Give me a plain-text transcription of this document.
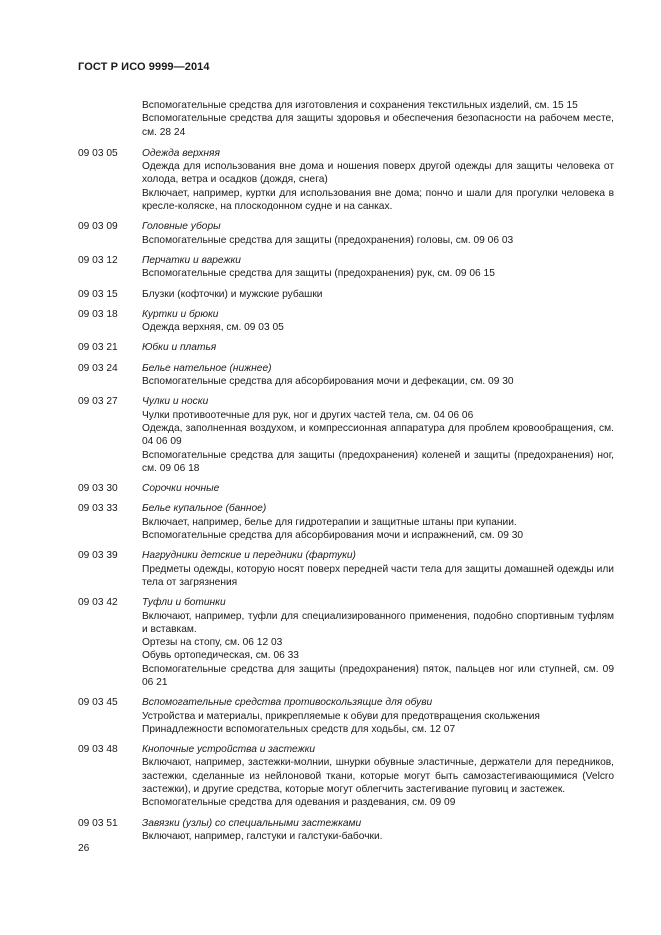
ГОСТ Р ИСО 9999—2014
Вспомогательные средства для изготовления и сохранения текстильных изделий, см. 15 15
Вспомогательные средства для защиты здоровья и обеспечения безопасности на рабочем месте, см. 28 24
09 03 05	Одежда верхняя
Одежда для использования вне дома и ношения поверх другой одежды для защиты человека от холода, ветра и осадков (дождя, снега)
Включает, например, куртки для использования вне дома; пончо и шали для прогулки человека в кресле-коляске, на плоскодонном судне и на санках.
09 03 09	Головные уборы
Вспомогательные средства для защиты (предохранения) головы, см. 09 06 03
09 03 12	Перчатки и варежки
Вспомогательные средства для защиты (предохранения) рук, см. 09 06 15
09 03 15	Блузки (кофточки) и мужские рубашки
09 03 18	Куртки и брюки
Одежда верхняя, см. 09 03 05
09 03 21	Юбки и платья
09 03 24	Белье нательное (нижнее)
Вспомогательные средства для абсорбирования мочи и дефекации, см. 09 30
09 03 27	Чулки и носки
Чулки противоотечные для рук, ног и других частей тела, см. 04 06 06
Одежда, заполненная воздухом, и компрессионная аппаратура для проблем кровообращения, см. 04 06 09
Вспомогательные средства для защиты (предохранения) коленей и защиты (предохранения) ног, см. 09 06 18
09 03 30	Сорочки ночные
09 03 33	Белье купальное (банное)
Включает, например, белье для гидротерапии и защитные штаны при купании.
Вспомогательные средства для абсорбирования мочи и испражнений, см. 09 30
09 03 39	Нагрудники детские и передники (фартуки)
Предметы одежды, которую носят поверх передней части тела для защиты домашней одежды или тела от загрязнения
09 03 42	Туфли и ботинки
Включают, например, туфли для специализированного применения, подобно спортивным туфлям и вставкам.
Ортезы на стопу, см. 06 12 03
Обувь ортопедическая, см. 06 33
Вспомогательные средства для защиты (предохранения) пяток, пальцев ног или ступней, см. 09 06 21
09 03 45	Вспомогательные средства противоскользящие для обуви
Устройства и материалы, прикрепляемые к обуви для предотвращения скольжения
Принадлежности вспомогательных средств для ходьбы, см. 12 07
09 03 48	Кнопочные устройства и застежки
Включают, например, застежки-молнии, шнурки обувные эластичные, держатели для передников, застежки, сделанные из нейлоновой ткани, которые могут быть самозастегивающимися (Velcro застежки), и другие средства, которые могут облегчить застегивание пуговиц и застежек.
Вспомогательные средства для одевания и раздевания, см. 09 09
09 03 51	Завязки (узлы) со специальными застежками
Включают, например, галстуки и галстуки-бабочки.
26
